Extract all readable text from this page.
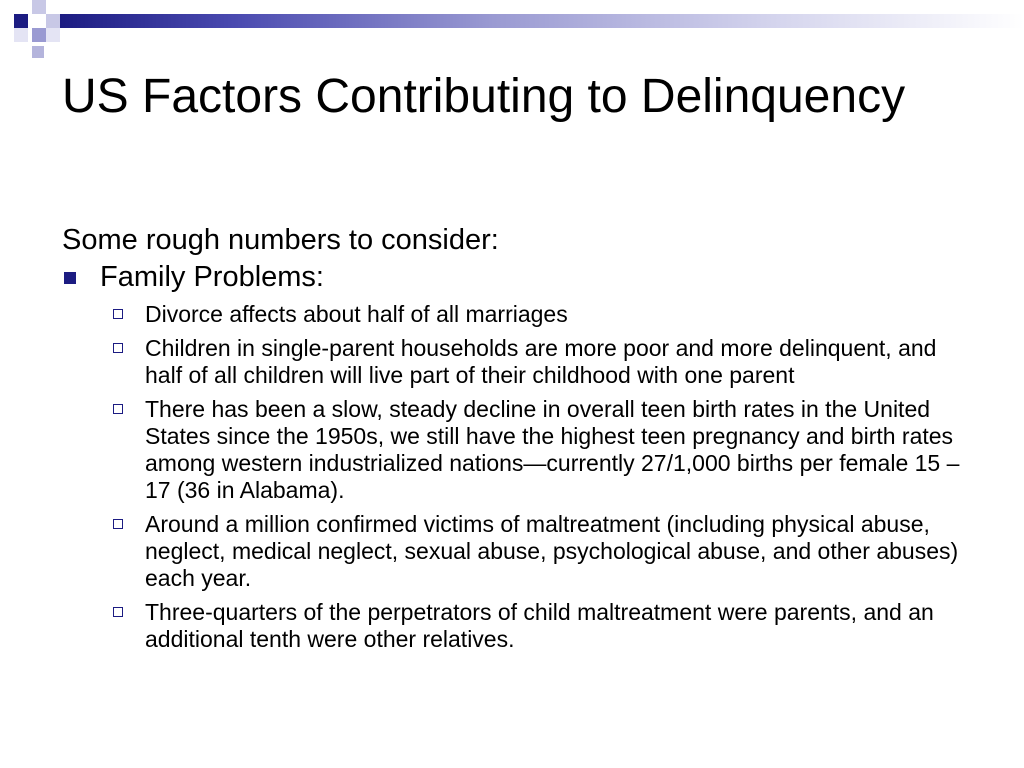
US Factors Contributing to Delinquency
Some rough numbers to consider:
Family Problems:
Divorce affects about half of all marriages
Children in single-parent households are more poor and more delinquent, and half of all children will live part of their childhood with one parent
There has been a slow, steady decline in overall teen birth rates in the United States since the 1950s, we still have the highest teen pregnancy and birth rates among western industrialized nations—currently 27/1,000 births per female 15 – 17 (36 in Alabama).
Around a million confirmed victims of maltreatment (including physical abuse, neglect, medical neglect, sexual abuse, psychological abuse, and other abuses) each year.
Three-quarters of the perpetrators of child maltreatment were parents, and an additional tenth were other relatives.
